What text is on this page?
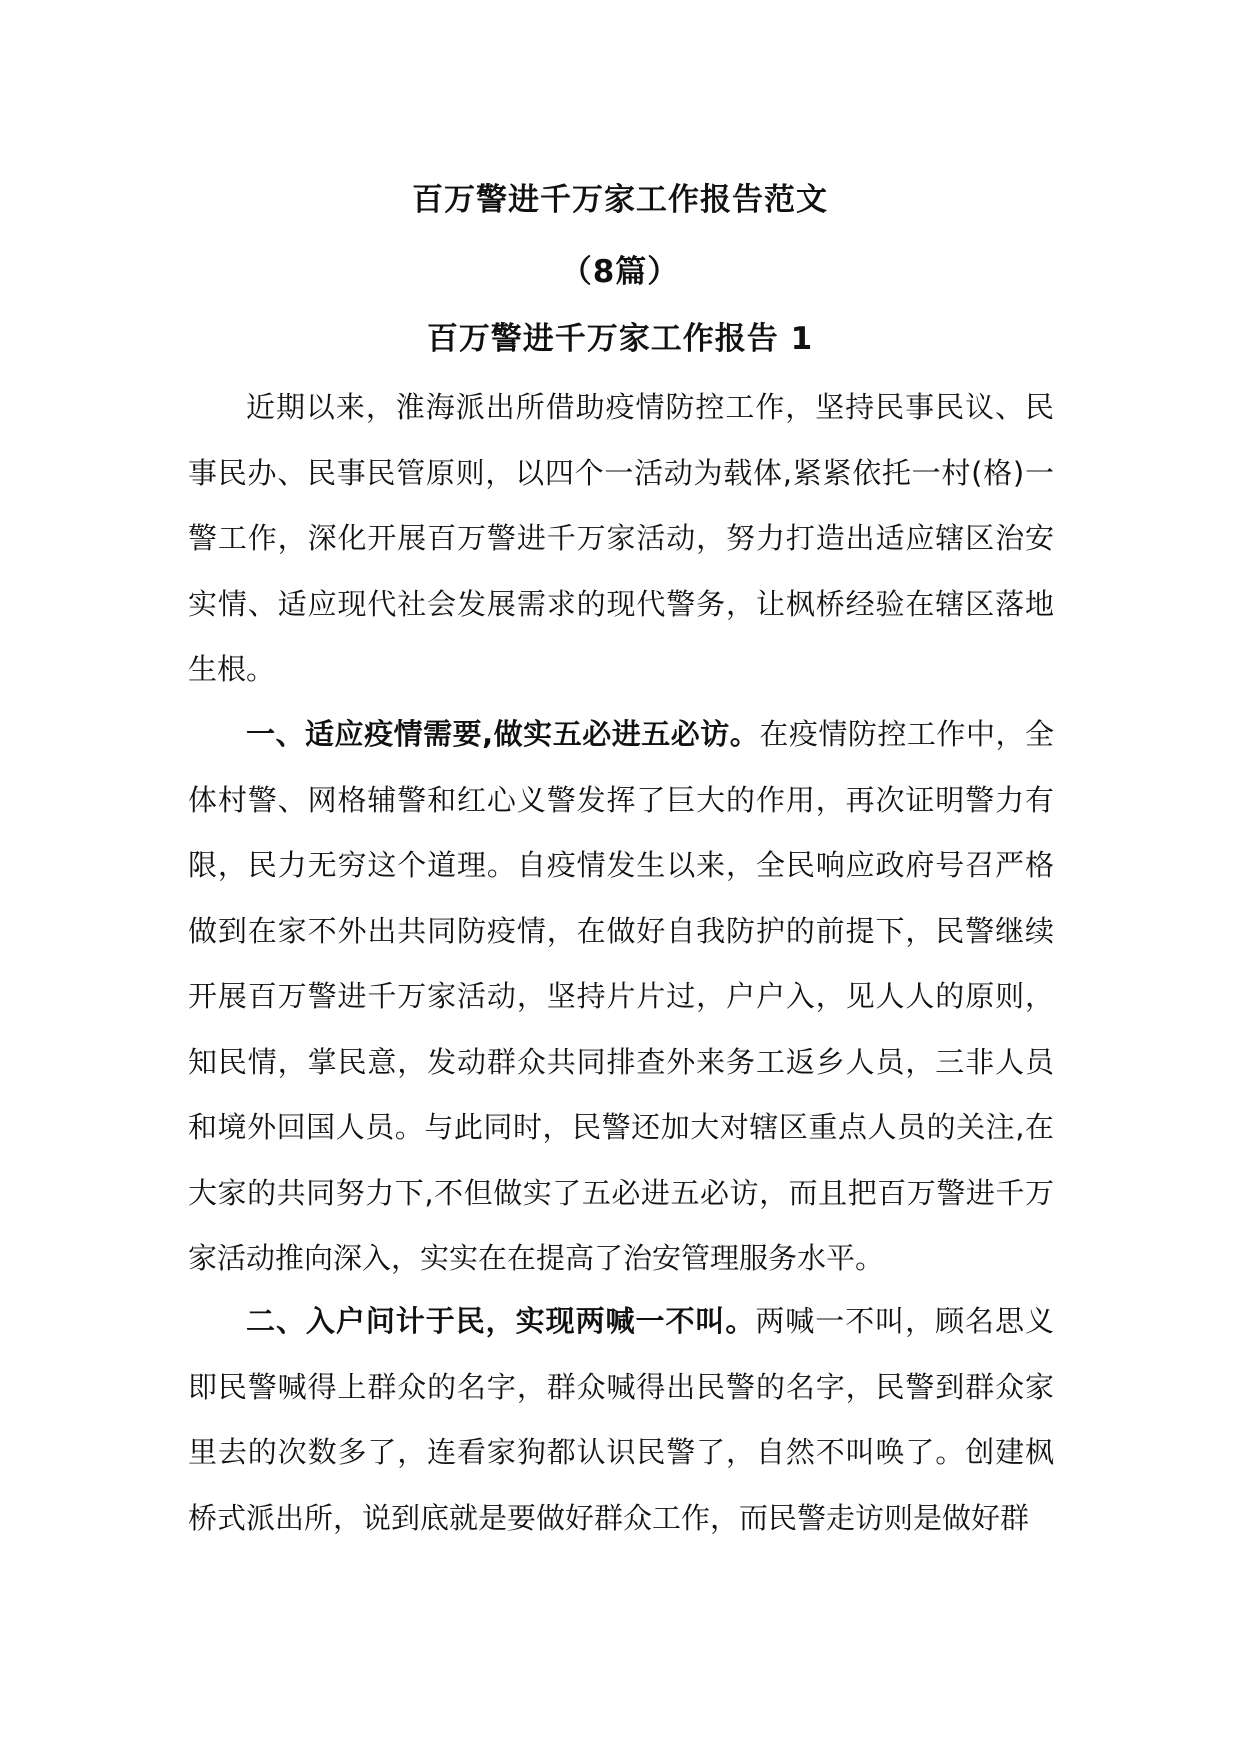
百万警进千万家工作报告范文
（8篇）
百万警进千万家工作报告 1

近期以来，淮海派出所借助疫情防控工作，坚持民事民议、民事民办、民事民管原则，以四个一活动为载体,紧紧依托一村(格)一警工作，深化开展百万警进千万家活动，努力打造出适应辖区治安实情、适应现代社会发展需求的现代警务，让枫桥经验在辖区落地生根。

一、适应疫情需要,做实五必进五必访。在疫情防控工作中，全体村警、网格辅警和红心义警发挥了巨大的作用，再次证明警力有限，民力无穷这个道理。自疫情发生以来，全民响应政府号召严格做到在家不外出共同防疫情，在做好自我防护的前提下，民警继续开展百万警进千万家活动，坚持片片过，户户入，见人人的原则，知民情，掌民意，发动群众共同排查外来务工返乡人员，三非人员和境外回国人员。与此同时，民警还加大对辖区重点人员的关注,在大家的共同努力下,不但做实了五必进五必访，而且把百万警进千万家活动推向深入，实实在在提高了治安管理服务水平。

二、入户问计于民，实现两喊一不叫。两喊一不叫，顾名思义即民警喊得上群众的名字，群众喊得出民警的名字，民警到群众家里去的次数多了，连看家狗都认识民警了，自然不叫唤了。创建枫桥式派出所，说到底就是要做好群众工作，而民警走访则是做好群
